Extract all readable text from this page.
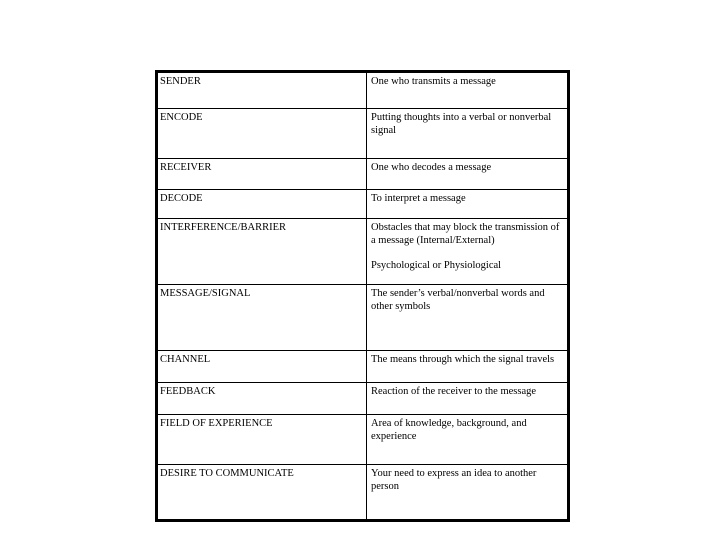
SENDER	One who transmits a message
ENCODE	Putting thoughts into a verbal or nonverbal signal
RECEIVER	One who decodes a message
DECODE	To interpret a message
INTERFERENCE/BARRIER	Obstacles that may block the transmission of a message (Internal/External)
Psychological or Physiological

MESSAGE/SIGNAL	The sender’s verbal/nonverbal words and other symbols
CHANNEL	The means through which the signal travels
FEEDBACK	Reaction of the receiver to the message
FIELD OF EXPERIENCE	Area of knowledge, background, and experience
DESIRE TO COMMUNICATE	Your need to express an idea to another person
